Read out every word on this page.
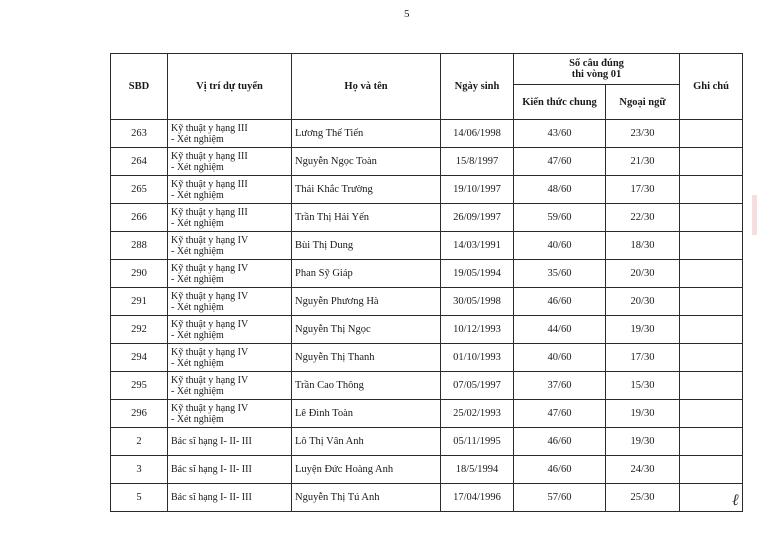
5
SBD	Vị trí dự tuyển	Họ và tên	Ngày sinh	Số câu đúng
thi vòng 01		Ghi chú
				Kiến thức chung	Ngoại ngữ	
263	Kỹ thuật y hạng III
- Xét nghiệm	Lương Thế Tiến	14/06/1998	43/60	23/30	
264	Kỹ thuật y hạng III
- Xét nghiệm	Nguyễn Ngọc Toàn	15/8/1997	47/60	21/30	
265	Kỹ thuật y hạng III
- Xét nghiệm	Thái Khắc Trường	19/10/1997	48/60	17/30	
266	Kỹ thuật y hạng III
- Xét nghiệm	Trần Thị Hải Yến	26/09/1997	59/60	22/30	
288	Kỹ thuật y hạng IV
- Xét nghiệm	Bùi Thị Dung	14/03/1991	40/60	18/30	
290	Kỹ thuật y hạng IV
- Xét nghiệm	Phan Sỹ Giáp	19/05/1994	35/60	20/30	
291	Kỹ thuật y hạng IV
- Xét nghiệm	Nguyễn Phương Hà	30/05/1998	46/60	20/30	
292	Kỹ thuật y hạng IV
- Xét nghiệm	Nguyễn Thị Ngọc	10/12/1993	44/60	19/30	
294	Kỹ thuật y hạng IV
- Xét nghiệm	Nguyễn Thị Thanh	01/10/1993	40/60	17/30	
295	Kỹ thuật y hạng IV
- Xét nghiệm	Trần Cao Thông	07/05/1997	37/60	15/30	
296	Kỹ thuật y hạng IV
- Xét nghiệm	Lê Đình Toàn	25/02/1993	47/60	19/30	
2	Bác sĩ hạng I- II- III	Lô Thị Vân Anh	05/11/1995	46/60	19/30	
3	Bác sĩ hạng I- II- III	Luyện Đức Hoàng Anh	18/5/1994	46/60	24/30	
5	Bác sĩ hạng I- II- III	Nguyễn Thị Tú Anh	17/04/1996	57/60	25/30		ℓ
